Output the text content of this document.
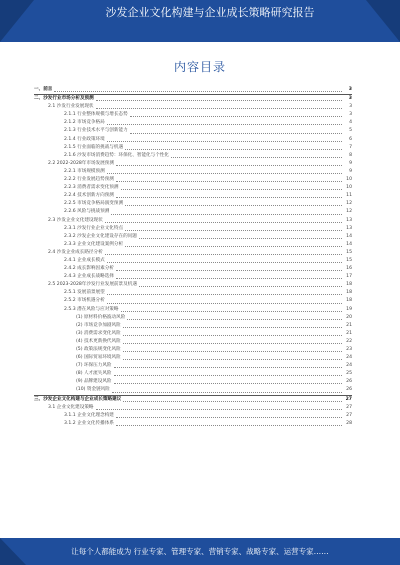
沙发企业文化构建与企业成长策略研究报告
内容目录
一、前言	3
二、沙发行业市场分析及预测	3
2.1 沙发行业发展现状	3
2.1.1 行业整体规模与增长态势	3
2.1.2 市场竞争格局	4
2.1.3 行业技术水平与创新能力	5
2.1.4 行业政策环境	6
2.1.5 行业面临的挑战与机遇	7
2.1.6 沙发市场消费趋势：环保化、智能化与个性化	8
2.2 2022-2028年市场发展预测	9
2.2.1 市场规模预测	9
2.2.2 行业发展趋势预测	10
2.2.3 消费者需求变化预测	10
2.2.4 技术创新方向预测	11
2.2.5 市场竞争格局演变预测	12
2.2.6 风险与挑战预测	12
2.3 沙发企业文化建设现状	13
2.3.1 沙发行业企业文化特点	13
2.3.2 沙发企业文化建设存在的问题	14
2.3.3 企业文化建设案例分析	14
2.4 沙发企业成长路径分析	15
2.4.1 企业成长模式	15
2.4.2 成长影响因素分析	16
2.4.3 企业成长战略选择	17
2.5 2023-2028年沙发行业发展前景及机遇	18
2.5.1 发展前景展望	18
2.5.2 市场机遇分析	18
2.5.3 潜在风险与应对策略	19
(1) 原材料价格波动风险	20
(2) 市场竞争加剧风险	21
(3) 消费需求变化风险	21
(4) 技术更新换代风险	22
(5) 政策法规变化风险	23
(6) 国际贸易环境风险	24
(7) 环保压力风险	24
(8) 人才流失风险	25
(9) 品牌建设风险	26
(10) 资金链风险	26
三、沙发企业文化构建与企业成长策略建议	27
3.1 企业文化建设策略	27
3.1.1 企业文化理念构建	27
3.1.2 企业文化传播体系	28
让每个人都能成为 行业专家、管理专家、营销专家、战略专家、运营专家……
